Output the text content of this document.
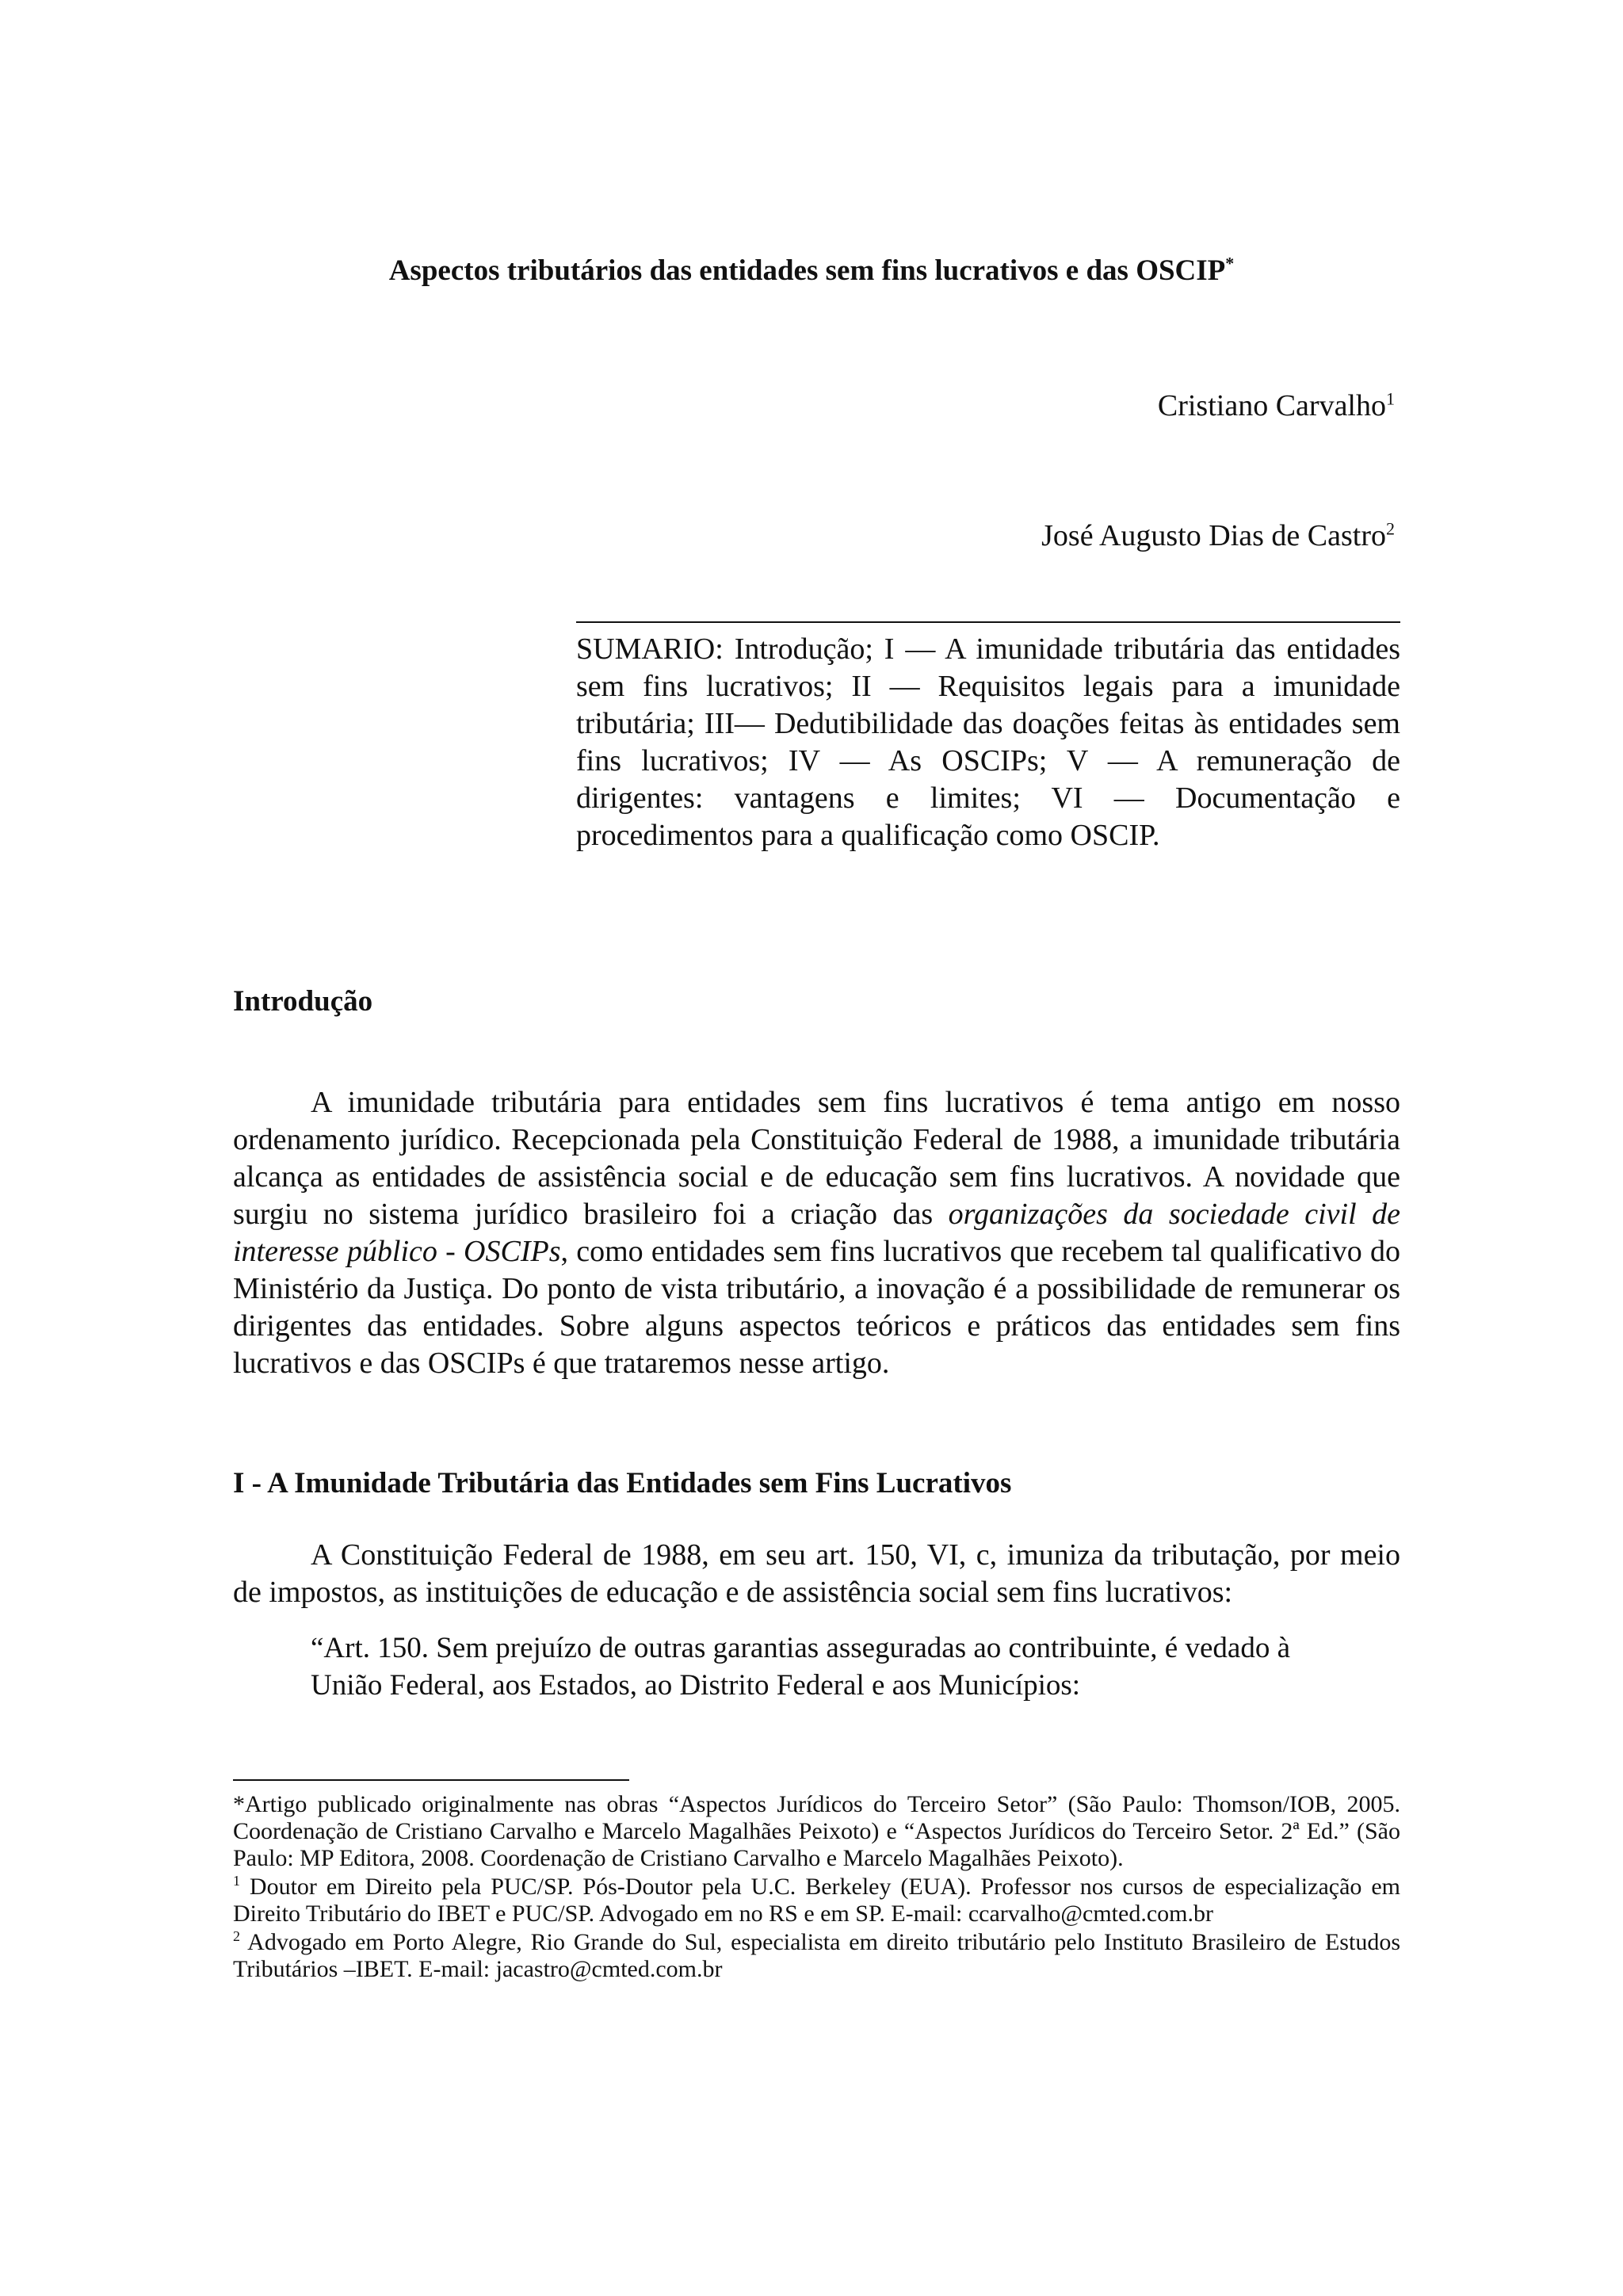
Aspectos tributários das entidades sem fins lucrativos e das OSCIP*
Cristiano Carvalho$^1$
José Augusto Dias de Castro$^2$
SUMARIO: Introdução; I — A imunidade tributária das entidades sem fins lucrativos; II — Requisitos legais para a imunidade tributária; III— Dedutibilidade das doações feitas às entidades sem fins lucrativos; IV — As OSCIPs; V — A remuneração de dirigentes: vantagens e limites; VI — Documentação e procedimentos para a qualificação como OSCIP.
Introdução
A imunidade tributária para entidades sem fins lucrativos é tema antigo em nosso ordenamento jurídico. Recepcionada pela Constituição Federal de 1988, a imunidade tributária alcança as entidades de assistência social e de educação sem fins lucrativos. A novidade que surgiu no sistema jurídico brasileiro foi a criação das organizações da sociedade civil de interesse público - OSCIPs, como entidades sem fins lucrativos que recebem tal qualificativo do Ministério da Justiça. Do ponto de vista tributário, a inovação é a possibilidade de remunerar os dirigentes das entidades. Sobre alguns aspectos teóricos e práticos das entidades sem fins lucrativos e das OSCIPs é que trataremos nesse artigo.
I - A Imunidade Tributária das Entidades sem Fins Lucrativos
A Constituição Federal de 1988, em seu art. 150, VI, c, imuniza da tributação, por meio de impostos, as instituições de educação e de assistência social sem fins lucrativos:
“Art. 150. Sem prejuízo de outras garantias asseguradas ao contribuinte, é vedado à União Federal, aos Estados, ao Distrito Federal e aos Municípios:
*Artigo publicado originalmente nas obras “Aspectos Jurídicos do Terceiro Setor” (São Paulo: Thomson/IOB, 2005. Coordenação de Cristiano Carvalho e Marcelo Magalhães Peixoto) e “Aspectos Jurídicos do Terceiro Setor. 2ª Ed.” (São Paulo: MP Editora, 2008. Coordenação de Cristiano Carvalho e Marcelo Magalhães Peixoto).
$^1$ Doutor em Direito pela PUC/SP. Pós-Doutor pela U.C. Berkeley (EUA). Professor nos cursos de especialização em Direito Tributário do IBET e PUC/SP. Advogado em no RS e em SP. E-mail: ccarvalho@cmted.com.br
$^2$ Advogado em Porto Alegre, Rio Grande do Sul, especialista em direito tributário pelo Instituto Brasileiro de Estudos Tributários –IBET. E-mail: jacastro@cmted.com.br
